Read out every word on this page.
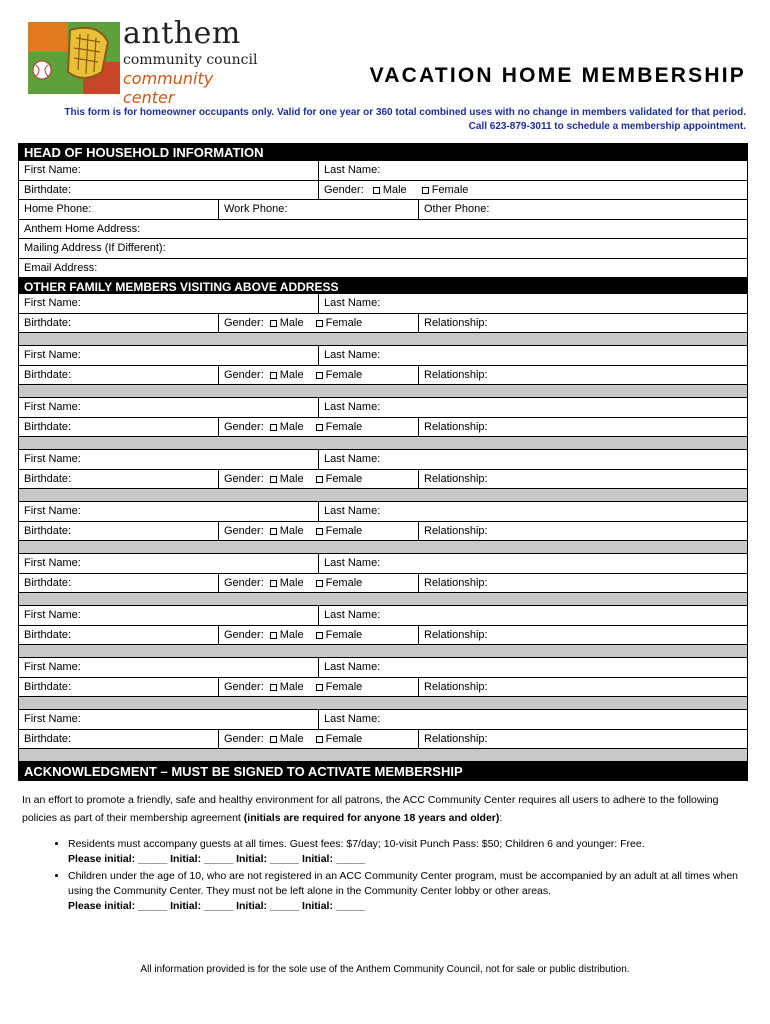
anthem
community council
community center
VACATION HOME MEMBERSHIP
This form is for homeowner occupants only. Valid for one year or 360 total combined uses with no change in members validated for that period.
Call 623-879-3011 to schedule a membership appointment.
HEAD OF HOUSEHOLD INFORMATION
First Name:	Last Name:
Birthdate:	Gender: Male Female
Home Phone:	Work Phone:	Other Phone:
Anthem Home Address:
Mailing Address (If Different):
Email Address:
OTHER FAMILY MEMBERS VISITING ABOVE ADDRESS
First Name:	Last Name:
Birthdate:	Gender: Male Female	Relationship:
First Name:	Last Name:
Birthdate:	Gender: Male Female	Relationship:
First Name:	Last Name:
Birthdate:	Gender: Male Female	Relationship:
First Name:	Last Name:
Birthdate:	Gender: Male Female	Relationship:
First Name:	Last Name:
Birthdate:	Gender: Male Female	Relationship:
First Name:	Last Name:
Birthdate:	Gender: Male Female	Relationship:
First Name:	Last Name:
Birthdate:	Gender: Male Female	Relationship:
First Name:	Last Name:
Birthdate:	Gender: Male Female	Relationship:
First Name:	Last Name:
Birthdate:	Gender: Male Female	Relationship:
ACKNOWLEDGMENT – MUST BE SIGNED TO ACTIVATE MEMBERSHIP
In an effort to promote a friendly, safe and healthy environment for all patrons, the ACC Community Center requires all users to adhere to the following policies as part of their membership agreement (initials are required for anyone 18 years and older):
• Residents must accompany guests at all times. Guest fees: $7/day; 10-visit Punch Pass: $50; Children 6 and younger: Free.
Please initial: _____ Initial: _____ Initial: _____ Initial: _____
• Children under the age of 10, who are not registered in an ACC Community Center program, must be accompanied by an adult at all times when using the Community Center. They must not be left alone in the Community Center lobby or other areas.
Please initial: _____ Initial: _____ Initial: _____ Initial: _____
All information provided is for the sole use of the Anthem Community Council, not for sale or public distribution.
